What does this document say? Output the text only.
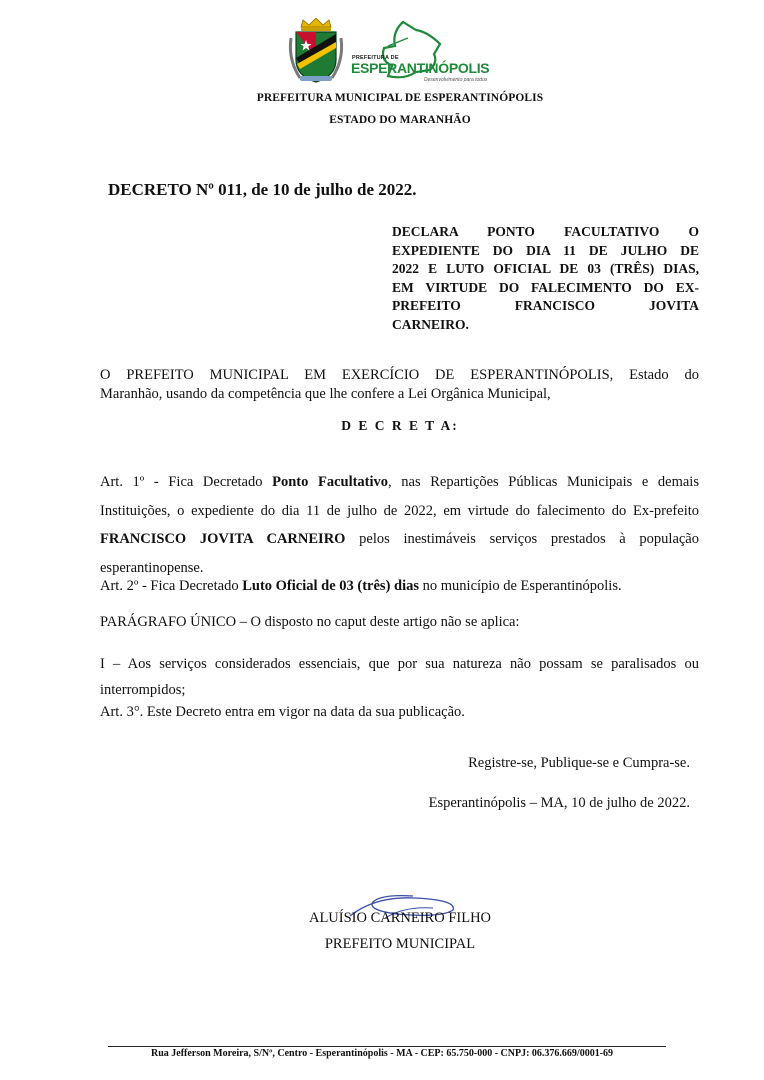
PREFEITURA DE
ESPERANTINÓPOLIS
Desenvolvimento para todos
PREFEITURA MUNICIPAL DE ESPERANTINÓPOLIS
ESTADO DO MARANHÃO
DECRETO Nº 011, de 10 de julho de 2022.
DECLARA PONTO FACULTATIVO O
EXPEDIENTE DO DIA 11 DE JULHO DE
2022 E LUTO OFICIAL DE 03 (TRÊS) DIAS,
EM VIRTUDE DO FALECIMENTO DO EX-
PREFEITO FRANCISCO JOVITA
CARNEIRO.
O PREFEITO MUNICIPAL EM EXERCÍCIO DE ESPERANTINÓPOLIS, Estado do
Maranhão, usando da competência que lhe confere a Lei Orgânica Municipal,
D E C R E T A:
Art. 1º - Fica Decretado Ponto Facultativo, nas Repartições Públicas Municipais e demais
Instituições, o expediente do dia 11 de julho de 2022, em virtude do falecimento do Ex-prefeito
FRANCISCO JOVITA CARNEIRO pelos inestimáveis serviços prestados à população
esperantinopense.
Art. 2º - Fica Decretado Luto Oficial de 03 (três) dias no município de Esperantinópolis.
PARÁGRAFO ÚNICO – O disposto no caput deste artigo não se aplica:
I – Aos serviços considerados essenciais, que por sua natureza não possam se paralisados ou
interrompidos;
Art. 3°. Este Decreto entra em vigor na data da sua publicação.
Registre-se, Publique-se e Cumpra-se.
Esperantinópolis – MA, 10 de julho de 2022.
ALUÍSIO CARNEIRO FILHO
PREFEITO MUNICIPAL
Rua Jefferson Moreira, S/Nº, Centro - Esperantinópolis - MA - CEP: 65.750-000 - CNPJ: 06.376.669/0001-69
